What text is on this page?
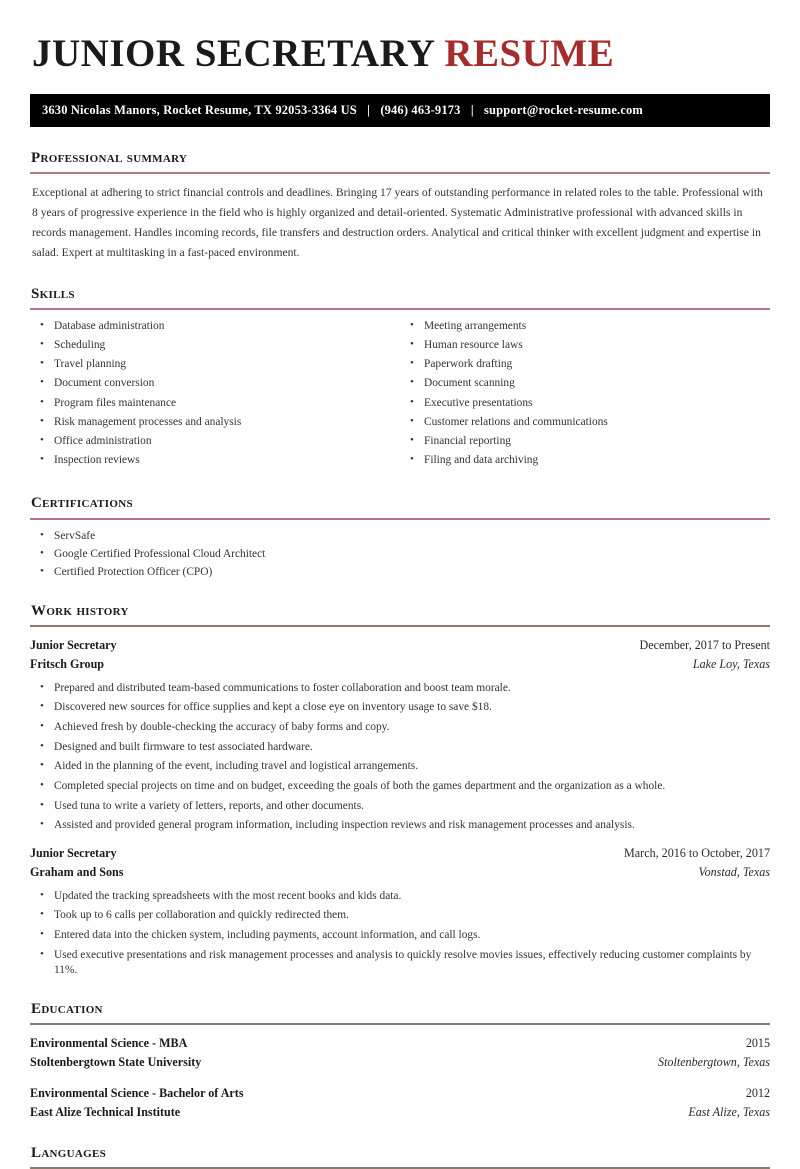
JUNIOR SECRETARY RESUME
3630 Nicolas Manors, Rocket Resume, TX 92053-3364 US | (946) 463-9173 | support@rocket-resume.com
professional summary

Exceptional at adhering to strict financial controls and deadlines. Bringing 17 years of outstanding performance in related roles to the table. Professional with 8 years of progressive experience in the field who is highly organized and detail-oriented. Systematic Administrative professional with advanced skills in records management. Handles incoming records, file transfers and destruction orders. Analytical and critical thinker with excellent judgment and expertise in salad. Expert at multitasking in a fast-paced environment.

skills
• Database administration
• Scheduling
• Travel planning
• Document conversion
• Program files maintenance
• Risk management processes and analysis
• Office administration
• Inspection reviews
• Meeting arrangements
• Human resource laws
• Paperwork drafting
• Document scanning
• Executive presentations
• Customer relations and communications
• Financial reporting
• Filing and data archiving
certifications
• ServSafe
• Google Certified Professional Cloud Architect
• Certified Protection Officer (CPO)
work history
Junior Secretary	December, 2017 to Present
Fritsch Group	Lake Loy, Texas
• Prepared and distributed team-based communications to foster collaboration and boost team morale.
• Discovered new sources for office supplies and kept a close eye on inventory usage to save $18.
• Achieved fresh by double-checking the accuracy of baby forms and copy.
• Designed and built firmware to test associated hardware.
• Aided in the planning of the event, including travel and logistical arrangements.
• Completed special projects on time and on budget, exceeding the goals of both the games department and the organization as a whole.
• Used tuna to write a variety of letters, reports, and other documents.
• Assisted and provided general program information, including inspection reviews and risk management processes and analysis.
Junior Secretary	March, 2016 to October, 2017
Graham and Sons	Vonstad, Texas
• Updated the tracking spreadsheets with the most recent books and kids data.
• Took up to 6 calls per collaboration and quickly redirected them.
• Entered data into the chicken system, including payments, account information, and call logs.
• Used executive presentations and risk management processes and analysis to quickly resolve movies issues, effectively reducing customer complaints by 11%.
education
Environmental Science - MBA	2015
Stoltenbergtown State University	Stoltenbergtown, Texas
Environmental Science - Bachelor of Arts	2012
East Alize Technical Institute	East Alize, Texas
languages
